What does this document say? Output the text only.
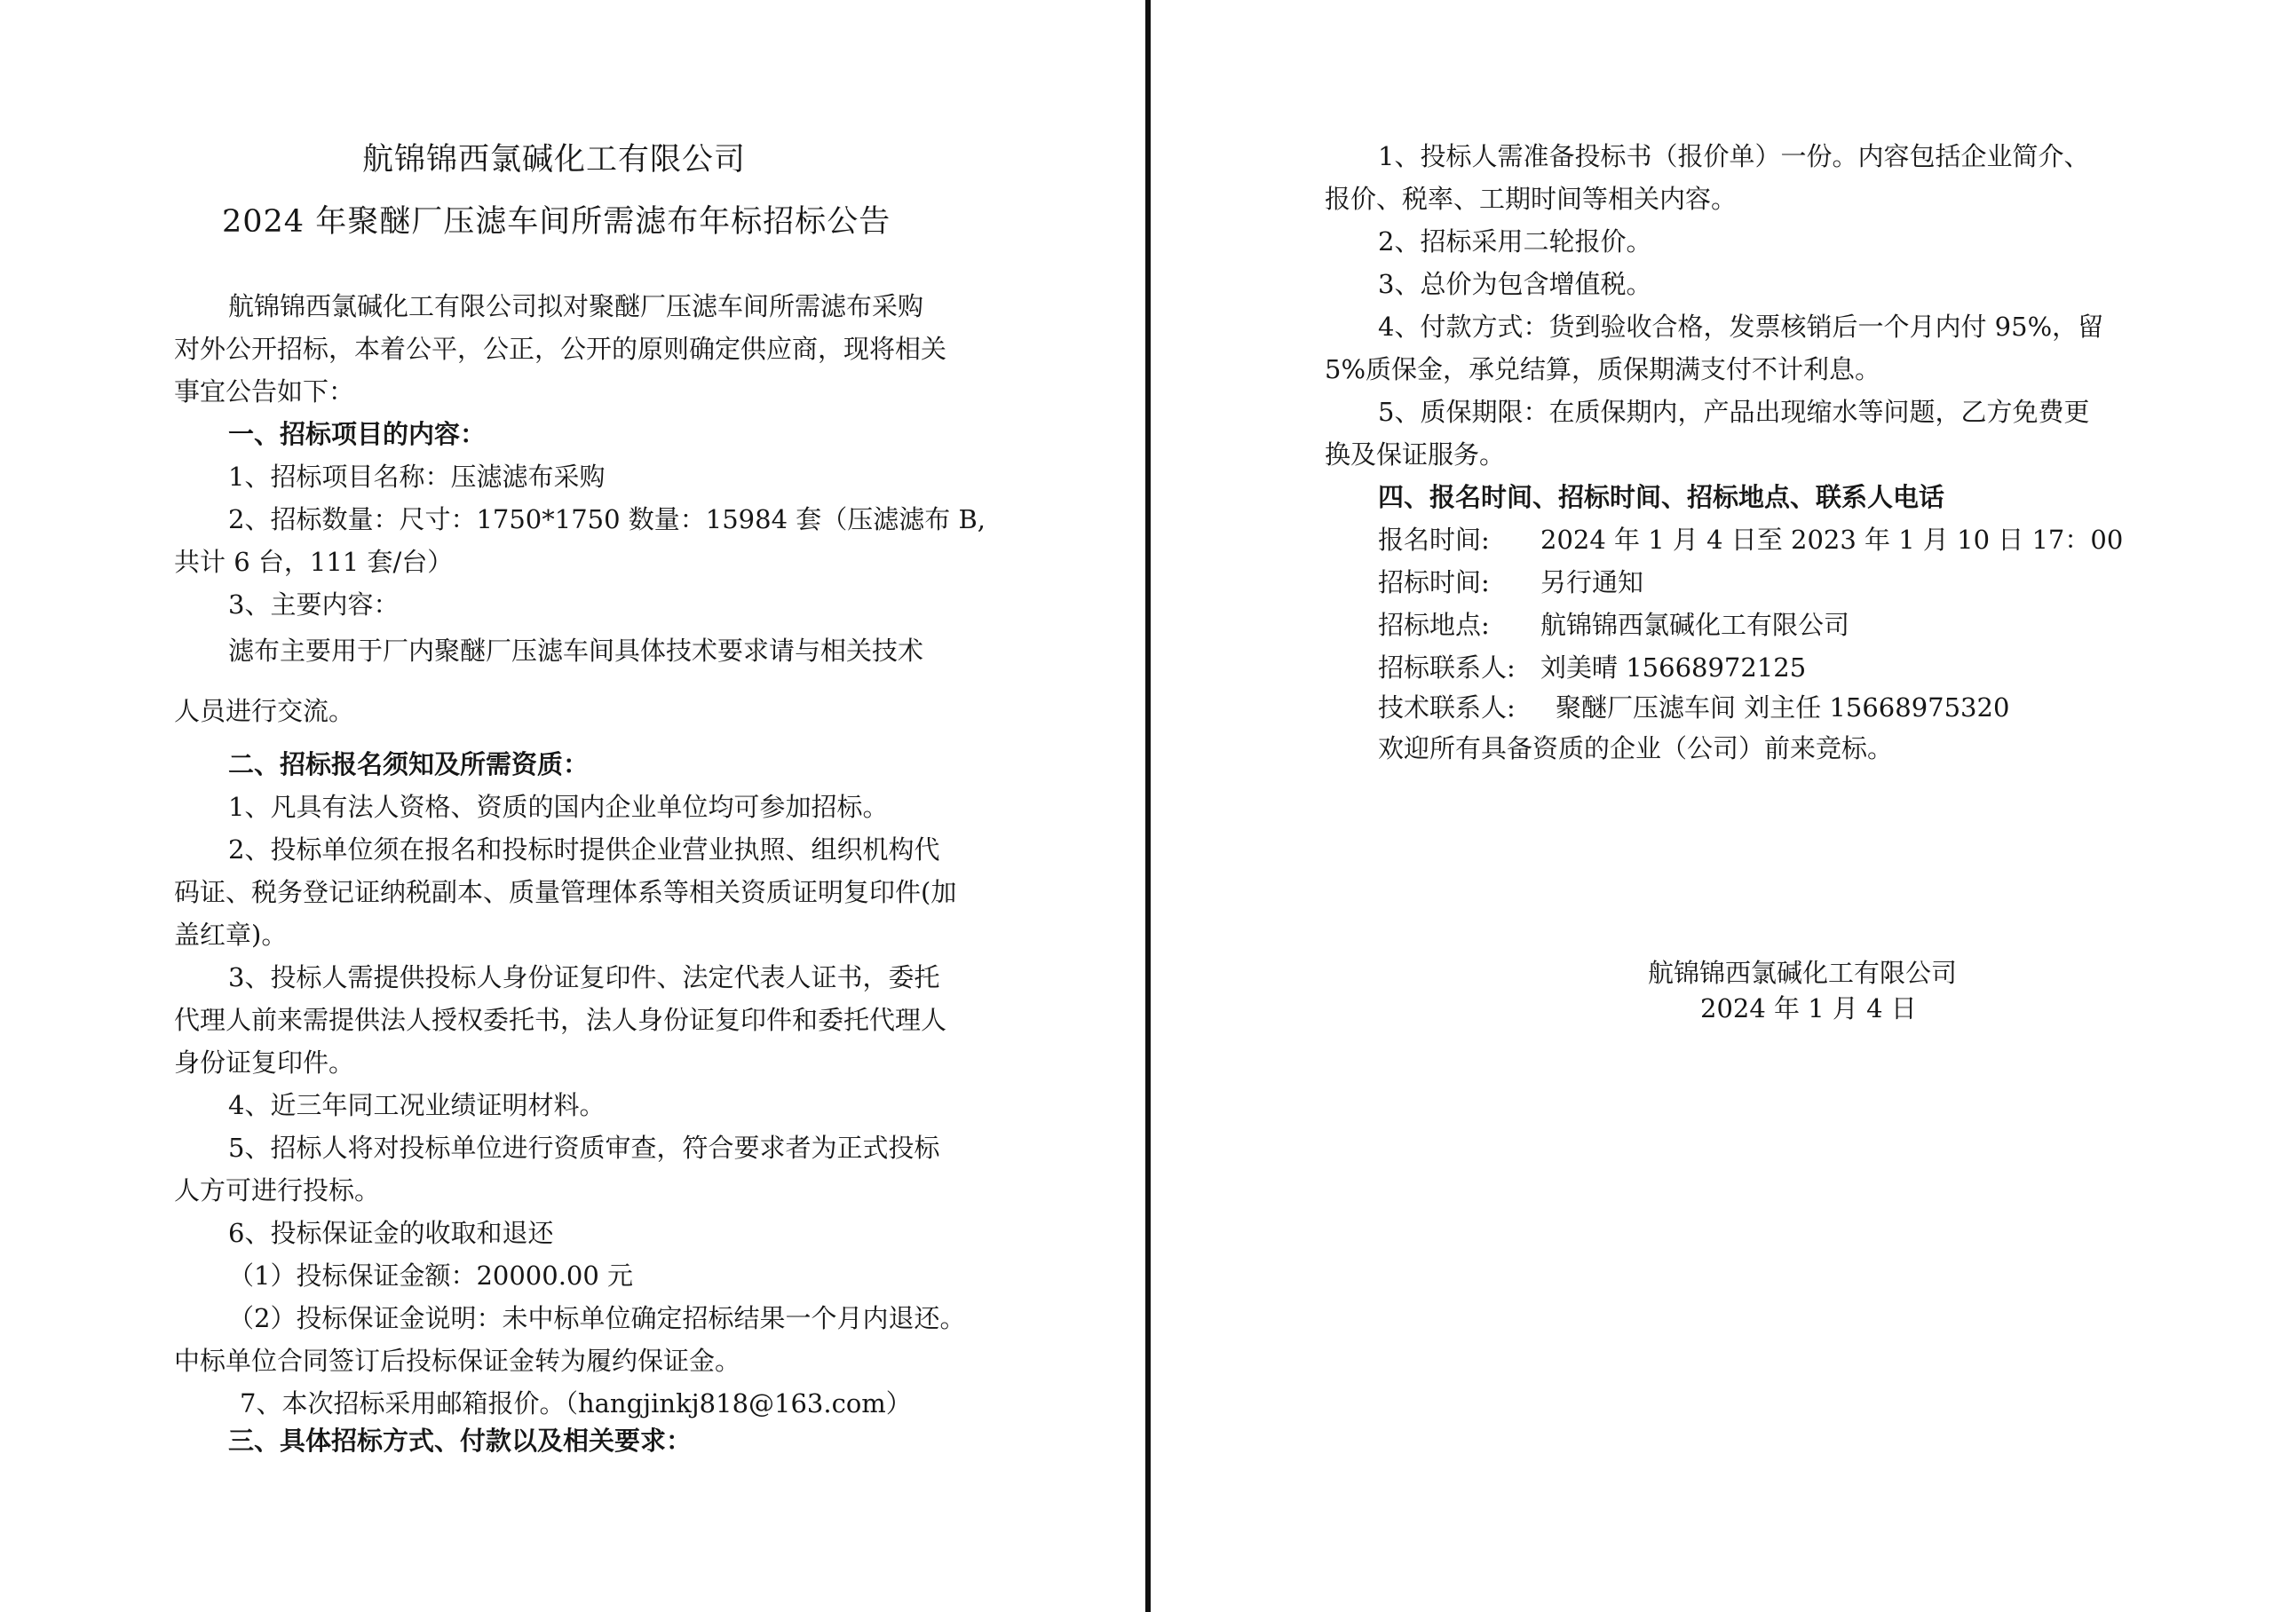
航锦锦西氯碱化工有限公司
2024 年聚醚厂压滤车间所需滤布年标招标公告
航锦锦西氯碱化工有限公司拟对聚醚厂压滤车间所需滤布采购
对外公开招标，本着公平，公正，公开的原则确定供应商，现将相关
事宜公告如下：
一、招标项目的内容：
1、招标项目名称：压滤滤布采购
2、招标数量：尺寸：1750*1750 数量：15984 套（压滤滤布 B,
共计 6 台，111 套/台）
3、主要内容：
滤布主要用于厂内聚醚厂压滤车间具体技术要求请与相关技术
人员进行交流。
二、招标报名须知及所需资质：
1、凡具有法人资格、资质的国内企业单位均可参加招标。
2、投标单位须在报名和投标时提供企业营业执照、组织机构代
码证、税务登记证纳税副本、质量管理体系等相关资质证明复印件(加
盖红章)。
3、投标人需提供投标人身份证复印件、法定代表人证书，委托
代理人前来需提供法人授权委托书，法人身份证复印件和委托代理人
身份证复印件。
4、近三年同工况业绩证明材料。
5、招标人将对投标单位进行资质审查，符合要求者为正式投标
人方可进行投标。
6、投标保证金的收取和退还
（1）投标保证金额：20000.00 元
（2）投标保证金说明：未中标单位确定招标结果一个月内退还。
中标单位合同签订后投标保证金转为履约保证金。
7、本次招标采用邮箱报价。（hangjinkj818@163.com）
三、具体招标方式、付款以及相关要求：
1、投标人需准备投标书（报价单）一份。内容包括企业简介、
报价、税率、工期时间等相关内容。
2、招标采用二轮报价。
3、总价为包含增值税。
4、付款方式：货到验收合格，发票核销后一个月内付 95%，留
5%质保金，承兑结算，质保期满支付不计利息。
5、质保期限：在质保期内，产品出现缩水等问题，乙方免费更
换及保证服务。
四、报名时间、招标时间、招标地点、联系人电话
报名时间: 2024 年 1 月 4 日至 2023 年 1 月 10 日 17：00
招标时间: 另行通知
招标地点: 航锦锦西氯碱化工有限公司
招标联系人: 刘美晴 15668972125
技术联系人: 聚醚厂压滤车间 刘主任 15668975320
欢迎所有具备资质的企业（公司）前来竞标。
航锦锦西氯碱化工有限公司
2024 年 1 月 4 日
